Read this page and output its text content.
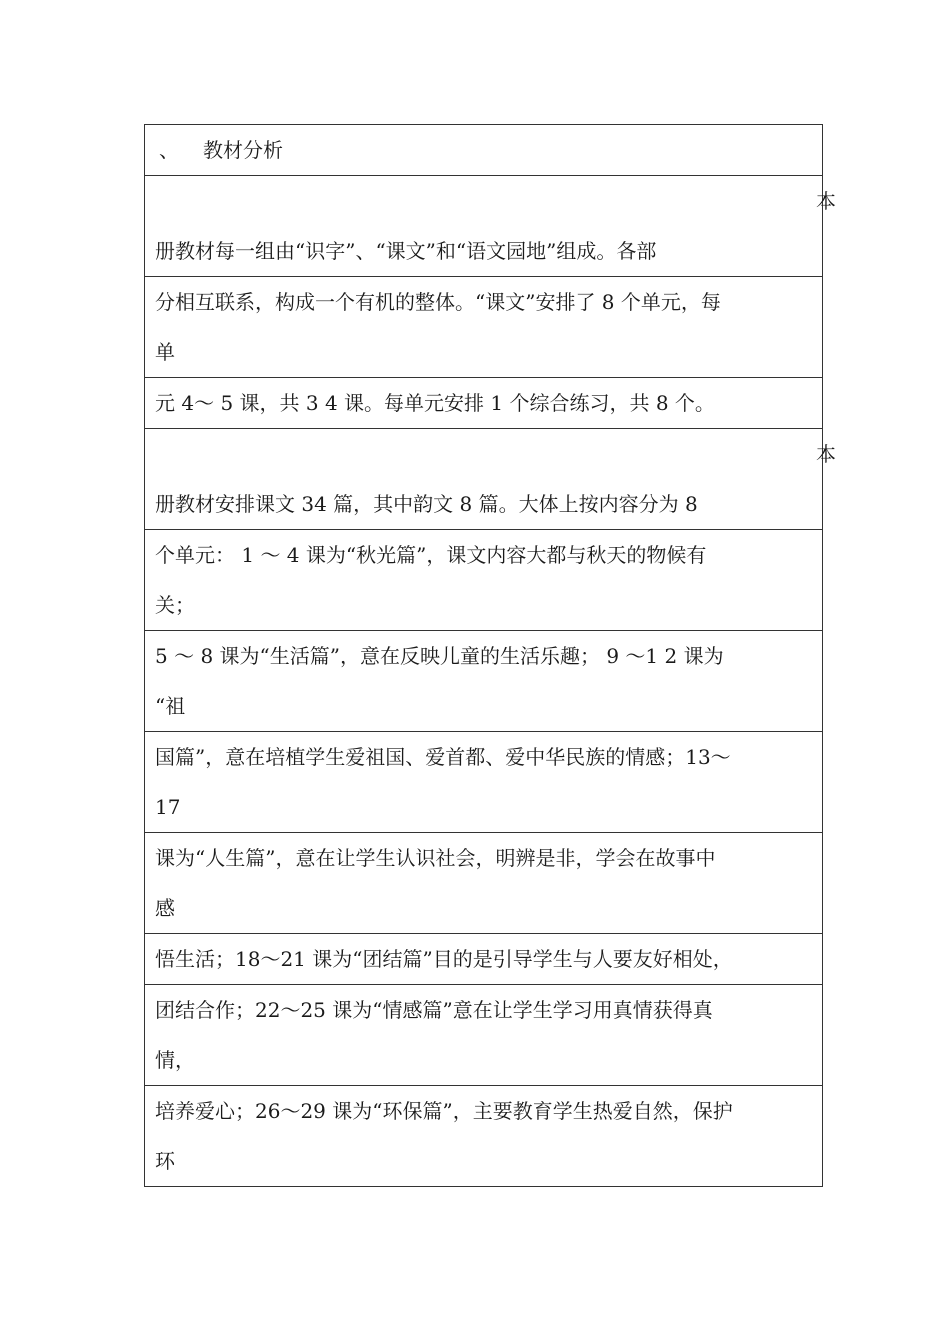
、 教材分析
本
册教材每一组由“识字”、“课文”和“语文园地”组成。各部
分相互联系，构成一个有机的整体。“课文”安排了 8 个单元，每
单
元 4～ 5 课，共 3 4 课。每单元安排 1 个综合练习，共 8 个。
本
册教材安排课文 34 篇，其中韵文 8 篇。大体上按内容分为 8
个单元： 1 ～ 4 课为“秋光篇”，课文内容大都与秋天的物候有
关；
5 ～ 8 课为“生活篇”，意在反映儿童的生活乐趣； 9 ～1 2 课为
“祖
国篇”，意在培植学生爱祖国、爱首都、爱中华民族的情感；13～
17
课为“人生篇”，意在让学生认识社会，明辨是非，学会在故事中
感
悟生活；18～21 课为“团结篇”目的是引导学生与人要友好相处，
团结合作；22～25 课为“情感篇”意在让学生学习用真情获得真
情，
培养爱心；26～29 课为“环保篇”，主要教育学生热爱自然，保护
环
